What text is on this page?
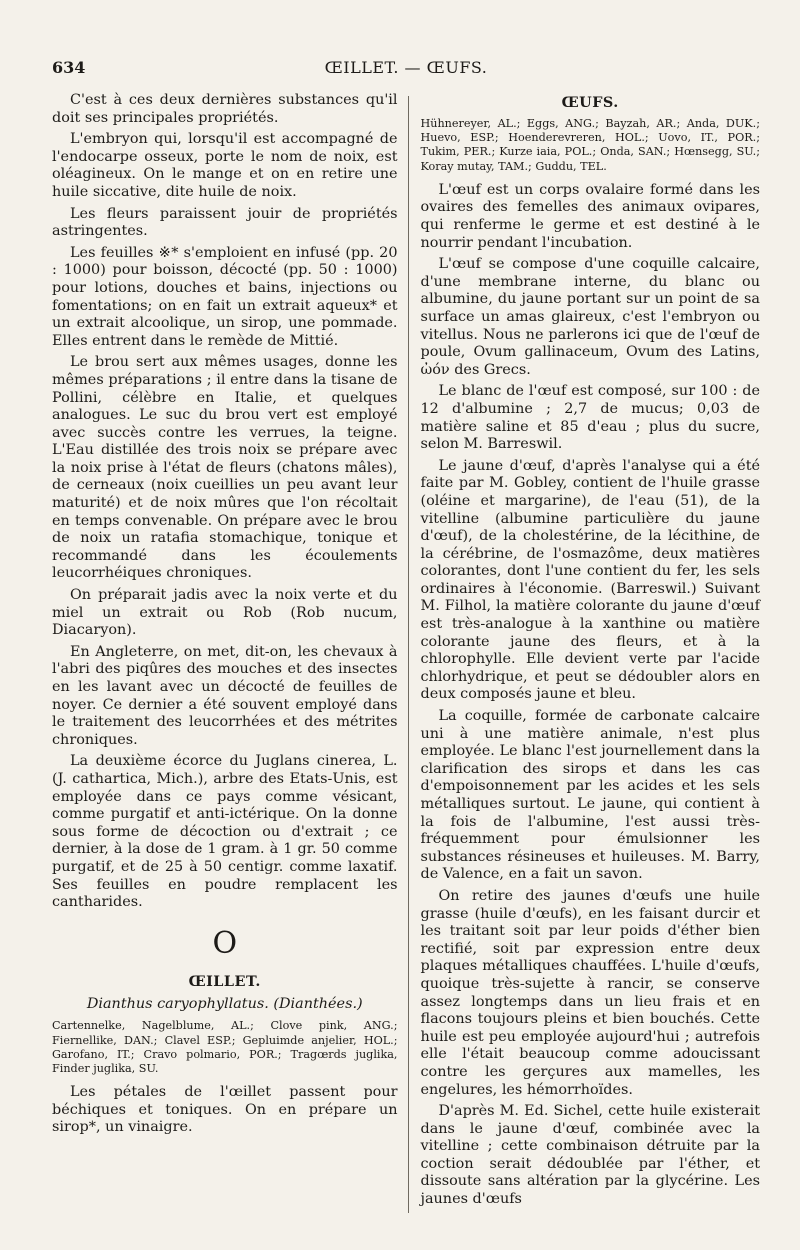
634	ŒILLET. — ŒUFS.

C'est à ces deux dernières substances qu'il doit ses principales propriétés.

L'embryon qui, lorsqu'il est accompagné de l'endocarpe osseux, porte le nom de noix, est oléagineux. On le mange et on en retire une huile siccative, dite huile de noix.

Les fleurs paraissent jouir de propriétés astringentes.

Les feuilles ※* s'emploient en infusé (pp. 20 : 1000) pour boisson, décocté (pp. 50 : 1000) pour lotions, douches et bains, injections ou fomentations; on en fait un extrait aqueux* et un extrait alcoolique, un sirop, une pommade. Elles entrent dans le remède de Mittié.

Le brou sert aux mêmes usages, donne les mêmes préparations ; il entre dans la tisane de Pollini, célèbre en Italie, et quelques analogues. Le suc du brou vert est employé avec succès contre les verrues, la teigne. L'Eau distillée des trois noix se prépare avec la noix prise à l'état de fleurs (chatons mâles), de cerneaux (noix cueillies un peu avant leur maturité) et de noix mûres que l'on récoltait en temps convenable. On prépare avec le brou de noix un ratafia stomachique, tonique et recommandé dans les écoulements leucorrhéiques chroniques.

On préparait jadis avec la noix verte et du miel un extrait ou Rob (Rob nucum, Diacaryon).

En Angleterre, on met, dit-on, les chevaux à l'abri des piqûres des mouches et des insectes en les lavant avec un décocté de feuilles de noyer. Ce dernier a été souvent employé dans le traitement des leucorrhées et des métrites chroniques.

La deuxième écorce du Juglans cinerea, L. (J. cathartica, Mich.), arbre des Etats-Unis, est employée dans ce pays comme vésicant, comme purgatif et anti-ictérique. On la donne sous forme de décoction ou d'extrait ; ce dernier, à la dose de 1 gram. à 1 gr. 50 comme purgatif, et de 25 à 50 centigr. comme laxatif. Ses feuilles en poudre remplacent les cantharides.

O
ŒILLET.

Dianthus caryophyllatus. (Dianthées.)

Cartennelke, Nagelblume, AL.; Clove pink, ANG.; Fiernellike, DAN.; Clavel ESP.; Gepluimde anjelier, HOL.; Garofano, IT.; Cravo polmario, POR.; Tragœrds juglika, Finder juglika, SU.

Les pétales de l'œillet passent pour béchiques et toniques. On en prépare un sirop*, un vinaigre.

ŒUFS.

Hühnereyer, AL.; Eggs, ANG.; Bayzah, AR.; Anda, DUK.; Huevo, ESP.; Hoenderevreren, HOL.; Uovo, IT., POR.; Tukim, PER.; Kurze iaia, POL.; Onda, SAN.; Hœnsegg, SU.; Koray mutay, TAM.; Guddu, TEL.

L'œuf est un corps ovalaire formé dans les ovaires des femelles des animaux ovipares, qui renferme le germe et est destiné à le nourrir pendant l'incubation.

L'œuf se compose d'une coquille calcaire, d'une membrane interne, du blanc ou albumine, du jaune portant sur un point de sa surface un amas glaireux, c'est l'embryon ou vitellus. Nous ne parlerons ici que de l'œuf de poule, Ovum gallinaceum, Ovum des Latins, ὠόν des Grecs.

Le blanc de l'œuf est composé, sur 100 : de 12 d'albumine ; 2,7 de mucus; 0,03 de matière saline et 85 d'eau ; plus du sucre, selon M. Barreswil.

Le jaune d'œuf, d'après l'analyse qui a été faite par M. Gobley, contient de l'huile grasse (oléine et margarine), de l'eau (51), de la vitelline (albumine particulière du jaune d'œuf), de la cholestérine, de la lécithine, de la cérébrine, de l'osmazôme, deux matières colorantes, dont l'une contient du fer, les sels ordinaires à l'économie. (Barreswil.) Suivant M. Filhol, la matière colorante du jaune d'œuf est très-analogue à la xanthine ou matière colorante jaune des fleurs, et à la chlorophylle. Elle devient verte par l'acide chlorhydrique, et peut se dédoubler alors en deux composés jaune et bleu.

La coquille, formée de carbonate calcaire uni à une matière animale, n'est plus employée. Le blanc l'est journellement dans la clarification des sirops et dans les cas d'empoisonnement par les acides et les sels métalliques surtout. Le jaune, qui contient à la fois de l'albumine, l'est aussi très-fréquemment pour émulsionner les substances résineuses et huileuses. M. Barry, de Valence, en a fait un savon.

On retire des jaunes d'œufs une huile grasse (huile d'œufs), en les faisant durcir et les traitant soit par leur poids d'éther bien rectifié, soit par expression entre deux plaques métalliques chauffées. L'huile d'œufs, quoique très-sujette à rancir, se conserve assez longtemps dans un lieu frais et en flacons toujours pleins et bien bouchés. Cette huile est peu employée aujourd'hui ; autrefois elle l'était beaucoup comme adoucissant contre les gerçures aux mamelles, les engelures, les hémorrhoïdes.

D'après M. Ed. Sichel, cette huile existerait dans le jaune d'œuf, combinée avec la vitelline ; cette combinaison détruite par la coction serait dédoublée par l'éther, et dissoute sans altération par la glycérine. Les jaunes d'œufs
